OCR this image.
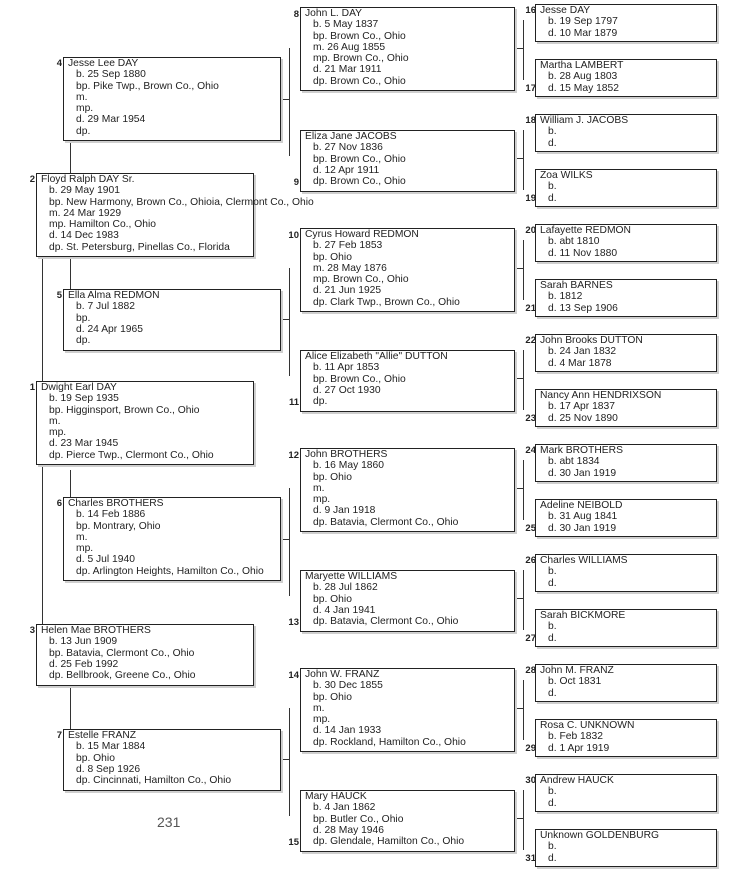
Dwight Earl DAY
b. 19 Sep 1935
bp. Higginsport, Brown Co., Ohio
m.
mp.
d. 23 Mar 1945
dp. Pierce Twp., Clermont Co., Ohio
Floyd Ralph DAY Sr.
b. 29 May 1901
bp. New Harmony, Brown Co., Ohioia, Clermont Co., Ohio
m. 24 Mar 1929
mp. Hamilton Co., Ohio
d. 14 Dec 1983
dp. St. Petersburg, Pinellas Co., Florida
Helen Mae BROTHERS
b. 13 Jun 1909
bp. Batavia, Clermont Co., Ohio
d. 25 Feb 1992
dp. Bellbrook, Greene Co., Ohio
Jesse Lee DAY
b. 25 Sep 1880
bp. Pike Twp., Brown Co., Ohio
m.
mp.
d. 29 Mar 1954
dp.
Ella Alma REDMON
b. 7 Jul 1882
bp.
d. 24 Apr 1965
dp.
Charles BROTHERS
b. 14 Feb 1886
bp. Montrary, Ohio
m.
mp.
d. 5 Jul 1940
dp. Arlington Heights, Hamilton Co., Ohio
Estelle FRANZ
b. 15 Mar 1884
bp. Ohio
d. 8 Sep 1926
dp. Cincinnati, Hamilton Co., Ohio
John L. DAY
b. 5 May 1837
bp. Brown Co., Ohio
m. 26 Aug 1855
mp. Brown Co., Ohio
d. 21 Mar 1911
dp. Brown Co., Ohio
Eliza Jane JACOBS
b. 27 Nov 1836
bp. Brown Co., Ohio
d. 12 Apr 1911
dp. Brown Co., Ohio
Cyrus Howard REDMON
b. 27 Feb 1853
bp. Ohio
m. 28 May 1876
mp. Brown Co., Ohio
d. 21 Jun 1925
dp. Clark Twp., Brown Co., Ohio
Alice Elizabeth "Allie" DUTTON
b. 11 Apr 1853
bp. Brown Co., Ohio
d. 27 Oct 1930
dp.
John BROTHERS
b. 16 May 1860
bp. Ohio
m.
mp.
d. 9 Jan 1918
dp. Batavia, Clermont Co., Ohio
Maryette WILLIAMS
b. 28 Jul 1862
bp. Ohio
d. 4 Jan 1941
dp. Batavia, Clermont Co., Ohio
John W. FRANZ
b. 30 Dec 1855
bp. Ohio
m.
mp.
d. 14 Jan 1933
dp. Rockland, Hamilton Co., Ohio
Mary HAUCK
b. 4 Jan 1862
bp. Butler Co., Ohio
d. 28 May 1946
dp. Glendale, Hamilton Co., Ohio
Jesse DAY
b. 19 Sep 1797
d. 10 Mar 1879
Martha LAMBERT
b. 28 Aug 1803
d. 15 May 1852
William J. JACOBS
b.
d.
Zoa WILKS
b.
d.
Lafayette REDMON
b. abt 1810
d. 11 Nov 1880
Sarah BARNES
b. 1812
d. 13 Sep 1906
John Brooks DUTTON
b. 24 Jan 1832
d. 4 Mar 1878
Nancy Ann HENDRIXSON
b. 17 Apr 1837
d. 25 Nov 1890
Mark BROTHERS
b. abt 1834
d. 30 Jan 1919
Adeline NEIBOLD
b. 31 Aug 1841
d. 30 Jan 1919
Charles WILLIAMS
b.
d.
Sarah BICKMORE
b.
d.
John M. FRANZ
b. Oct 1831
d.
Rosa C. UNKNOWN
b. Feb 1832
d. 1 Apr 1919
Andrew HAUCK
b.
d.
Unknown GOLDENBURG
b.
d.
1
2
3
4
5
6
7
8
9
10
11
12
13
14
15
16
17
18
19
20
21
22
23
24
25
26
27
28
29
30
31
231
